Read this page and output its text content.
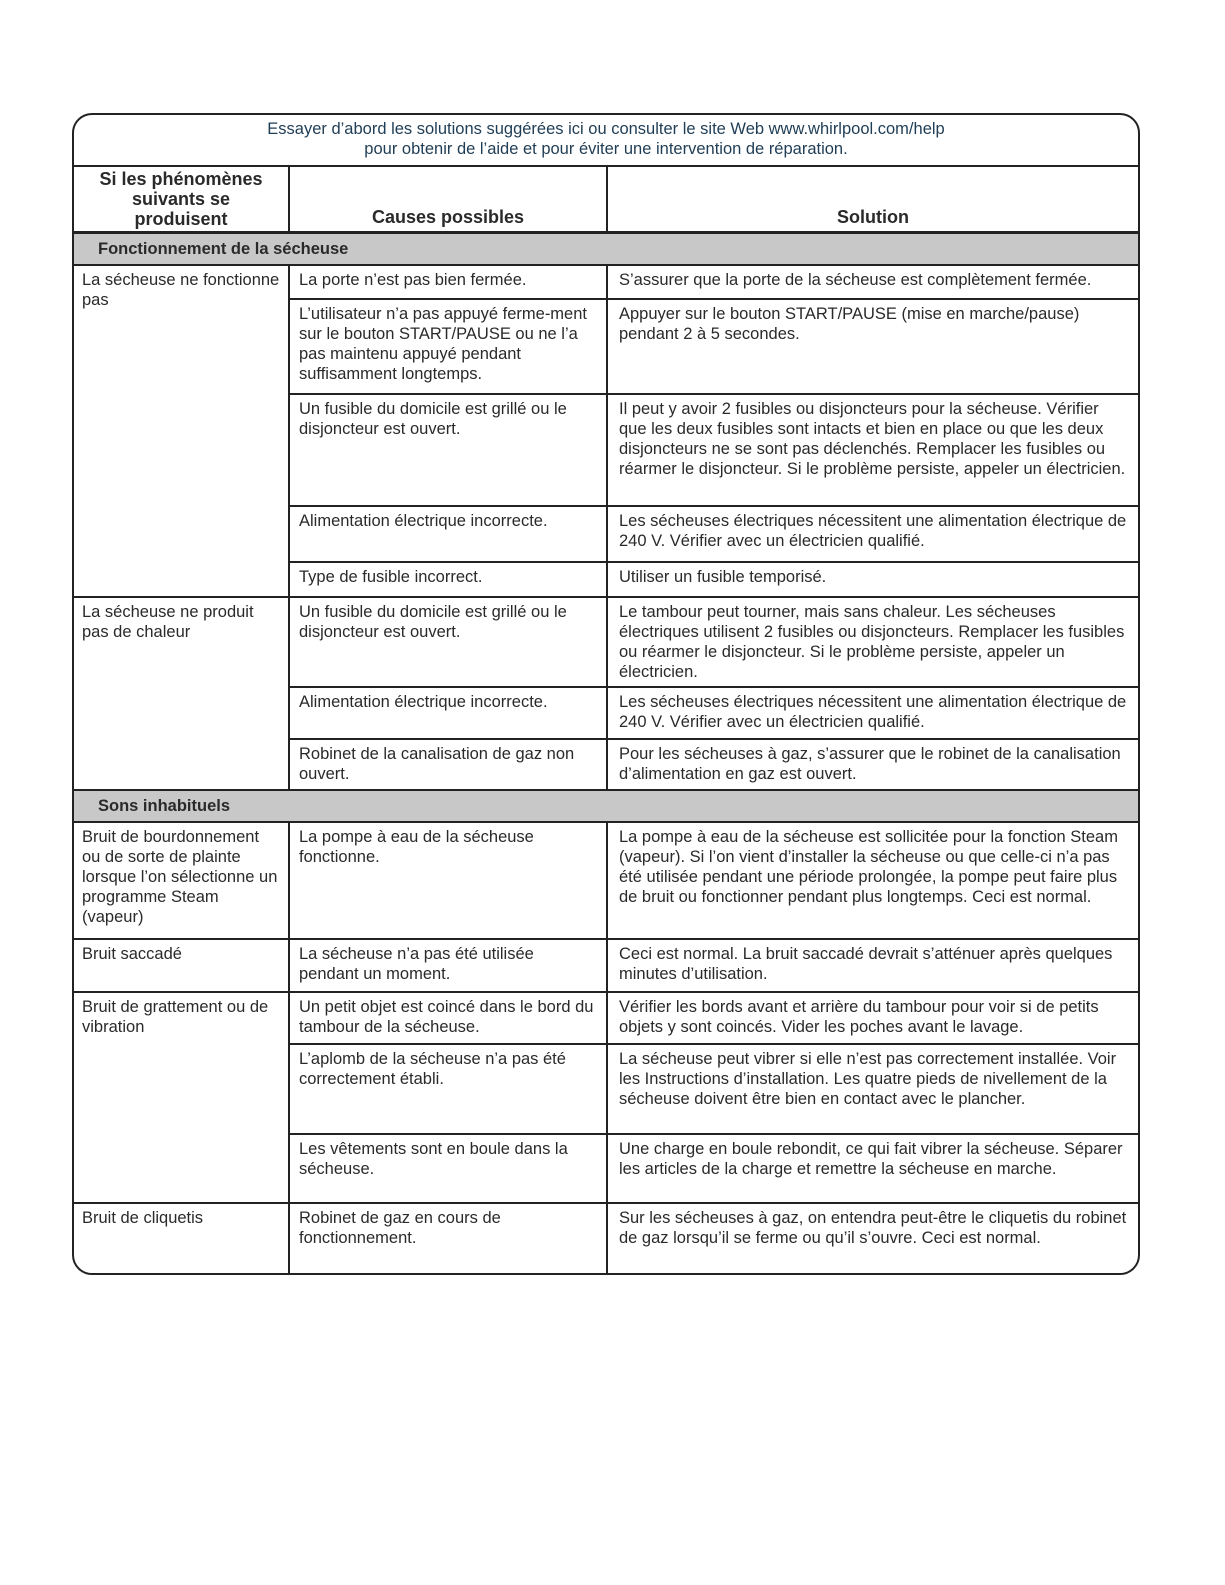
Essayer d’abord les solutions suggérées ici ou consulter le site Web www.whirlpool.com/help
pour obtenir de l’aide et pour éviter une intervention de réparation.		

Si les phénomènes
suivants se
produisent	Causes possibles	Solution
Fonctionnement de la sécheuse		
La sécheuse ne fonctionne pas	La porte n’est pas bien fermée.	S’assurer que la porte de la sécheuse est complètement fermée.
	L’utilisateur n’a pas appuyé ferme-ment sur le bouton START/PAUSE ou ne l’a pas maintenu appuyé pendant suffisamment longtemps.	Appuyer sur le bouton START/PAUSE (mise en marche/pause) pendant 2 à 5 secondes.
	Un fusible du domicile est grillé ou le disjoncteur est ouvert.	Il peut y avoir 2 fusibles ou disjoncteurs pour la sécheuse. Vérifier que les deux fusibles sont intacts et bien en place ou que les deux disjoncteurs ne se sont pas déclenchés. Remplacer les fusibles ou réarmer le disjoncteur. Si le problème persiste, appeler un électricien.
	Alimentation électrique incorrecte.	Les sécheuses électriques nécessitent une alimentation électrique de 240 V. Vérifier avec un électricien qualifié.
	Type de fusible incorrect.	Utiliser un fusible temporisé.
La sécheuse ne produit pas de chaleur	Un fusible du domicile est grillé ou le disjoncteur est ouvert.	Le tambour peut tourner, mais sans chaleur. Les sécheuses électriques utilisent 2 fusibles ou disjoncteurs. Remplacer les fusibles ou réarmer le disjoncteur. Si le problème persiste, appeler un électricien.
	Alimentation électrique incorrecte.	Les sécheuses électriques nécessitent une alimentation électrique de 240 V. Vérifier avec un électricien qualifié.
	Robinet de la canalisation de gaz non ouvert.	Pour les sécheuses à gaz, s’assurer que le robinet de la canalisation d’alimentation en gaz est ouvert.
Sons inhabituels		
Bruit de bourdonnement ou de sorte de plainte lorsque l’on sélectionne un programme Steam (vapeur)	La pompe à eau de la sécheuse fonctionne.	La pompe à eau de la sécheuse est sollicitée pour la fonction Steam (vapeur). Si l’on vient d’installer la sécheuse ou que celle-ci n’a pas été utilisée pendant une période prolongée, la pompe peut faire plus de bruit ou fonctionner pendant plus longtemps. Ceci est normal.
Bruit saccadé	La sécheuse n’a pas été utilisée pendant un moment.	Ceci est normal. La bruit saccadé devrait s’atténuer après quelques minutes d’utilisation.
Bruit de grattement ou de vibration	Un petit objet est coincé dans le bord du tambour de la sécheuse.	Vérifier les bords avant et arrière du tambour pour voir si de petits objets y sont coincés. Vider les poches avant le lavage.
	L’aplomb de la sécheuse n’a pas été correctement établi.	La sécheuse peut vibrer si elle n’est pas correctement installée. Voir les Instructions d’installation. Les quatre pieds de nivellement de la sécheuse doivent être bien en contact avec le plancher.
	Les vêtements sont en boule dans la sécheuse.	Une charge en boule rebondit, ce qui fait vibrer la sécheuse. Séparer les articles de la charge et remettre la sécheuse en marche.
Bruit de cliquetis	Robinet de gaz en cours de fonctionnement.	Sur les sécheuses à gaz, on entendra peut-être le cliquetis du robinet de gaz lorsqu’il se ferme ou qu’il s’ouvre. Ceci est normal.
